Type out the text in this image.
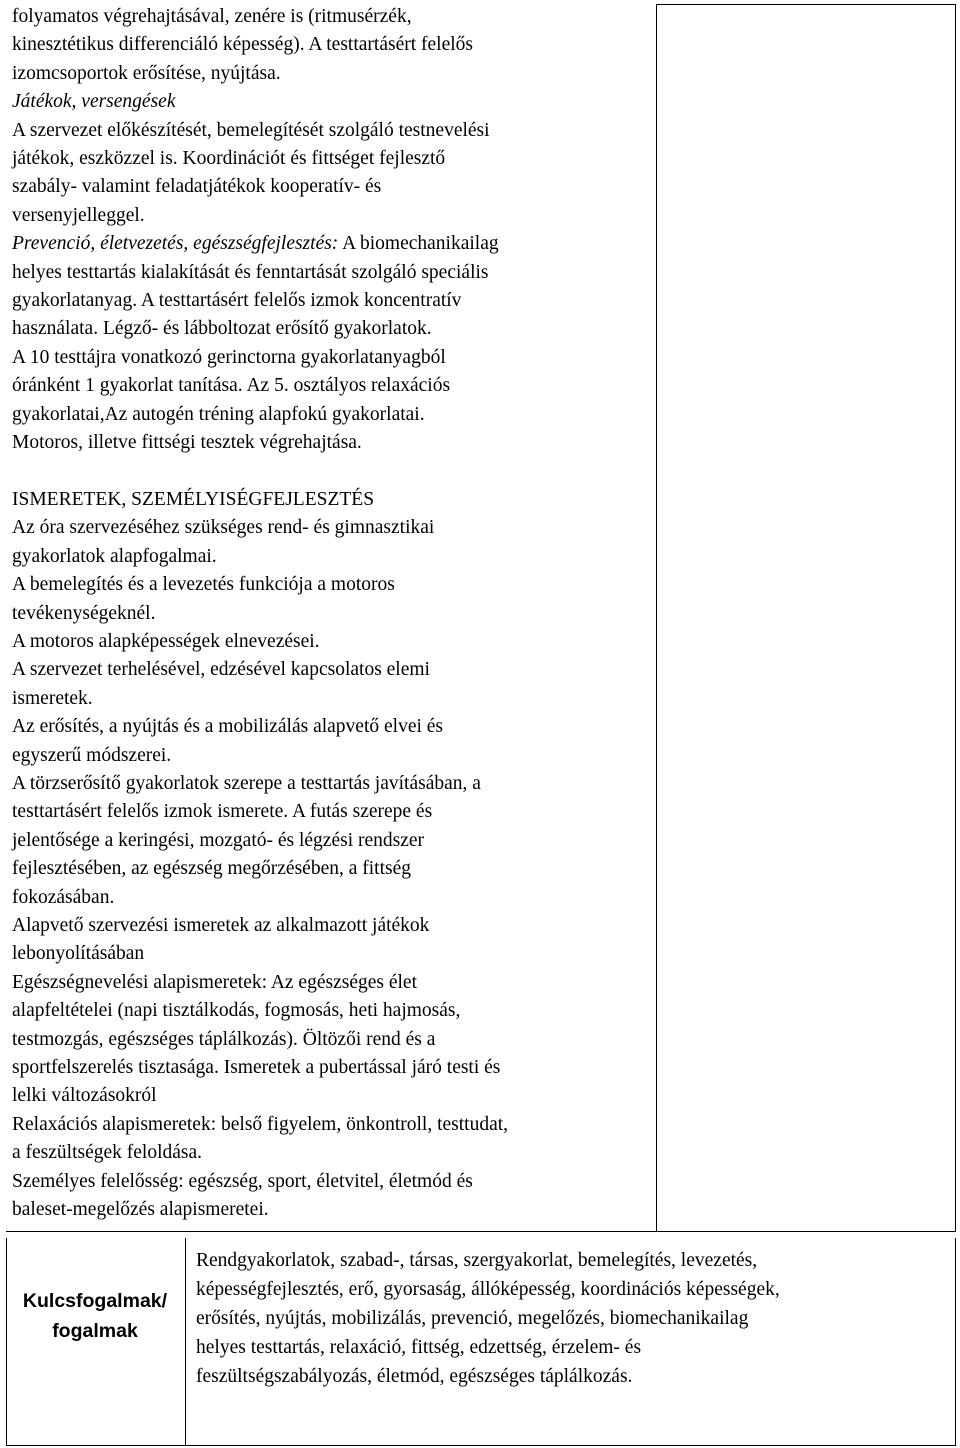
folyamatos végrehajtásával, zenére is (ritmusérzék,

kinesztétikus differenciáló képesség). A testtartásért felelős

izomcsoportok erősítése, nyújtása.

Játékok, versengések

A szervezet előkészítését, bemelegítését szolgáló testnevelési

játékok, eszközzel is. Koordinációt és fittséget fejlesztő

szabály- valamint feladatjátékok kooperatív- és

versenyjelleggel.

Prevenció, életvezetés, egészségfejlesztés: A biomechanikailag

helyes testtartás kialakítását és fenntartását szolgáló speciális

gyakorlatanyag. A testtartásért felelős izmok koncentratív

használata. Légző- és lábboltozat erősítő gyakorlatok.

A 10 testtájra vonatkozó gerinctorna gyakorlatanyagból

óránként 1 gyakorlat tanítása. Az 5. osztályos relaxációs

gyakorlatai,Az autogén tréning alapfokú gyakorlatai.

Motoros, illetve fittségi tesztek végrehajtása.

ISMERETEK, SZEMÉLYISÉGFEJLESZTÉS

Az óra szervezéséhez szükséges rend- és gimnasztikai

gyakorlatok alapfogalmai.

A bemelegítés és a levezetés funkciója a motoros

tevékenységeknél.

A motoros alapképességek elnevezései.

A szervezet terhelésével, edzésével kapcsolatos elemi

ismeretek.

Az erősítés, a nyújtás és a mobilizálás alapvető elvei és

egyszerű módszerei.

A törzserősítő gyakorlatok szerepe a testtartás javításában, a

testtartásért felelős izmok ismerete. A futás szerepe és

jelentősége a keringési, mozgató- és légzési rendszer

fejlesztésében, az egészség megőrzésében, a fittség

fokozásában.

Alapvető szervezési ismeretek az alkalmazott játékok

lebonyolításában

Egészségnevelési alapismeretek: Az egészséges élet

alapfeltételei (napi tisztálkodás, fogmosás, heti hajmosás,

testmozgás, egészséges táplálkozás). Öltözői rend és a

sportfelszerelés tisztasága. Ismeretek a pubertással járó testi és

lelki változásokról

Relaxációs alapismeretek: belső figyelem, önkontroll, testtudat,

a feszültségek feloldása.

Személyes felelősség: egészség, sport, életvitel, életmód és

baleset-megelőzés alapismeretei.

Kulcsfogalmak/
fogalmak

Rendgyakorlatok, szabad-, társas, szergyakorlat, bemelegítés, levezetés,

képességfejlesztés, erő, gyorsaság, állóképesség, koordinációs képességek,

erősítés, nyújtás, mobilizálás, prevenció, megelőzés, biomechanikailag

helyes testtartás, relaxáció, fittség, edzettség, érzelem- és

feszültségszabályozás, életmód, egészséges táplálkozás.
